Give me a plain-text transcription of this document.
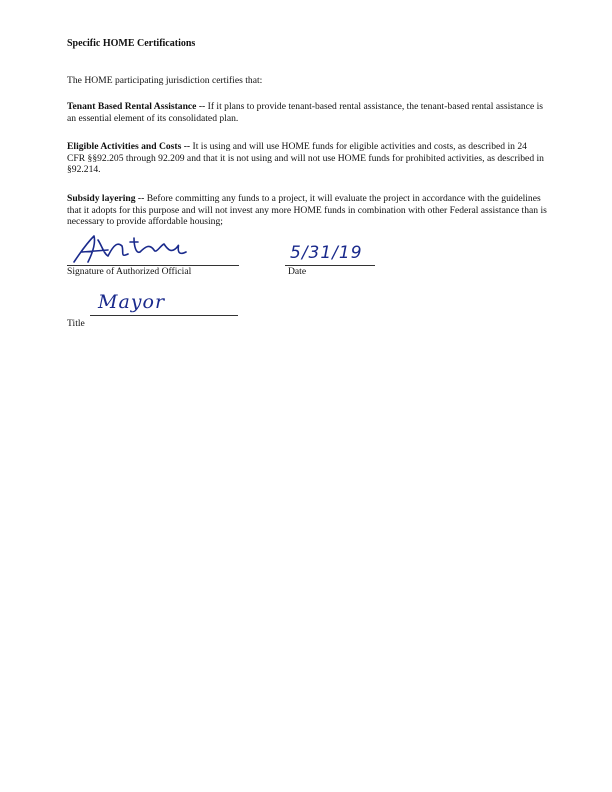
Specific HOME Certifications

The HOME participating jurisdiction certifies that:

Tenant Based Rental Assistance -- If it plans to provide tenant-based rental assistance, the tenant-based rental assistance is an essential element of its consolidated plan.

Eligible Activities and Costs -- It is using and will use HOME funds for eligible activities and costs, as described in 24 CFR §§92.205 through 92.209 and that it is not using and will not use HOME funds for prohibited activities, as described in §92.214.

Subsidy layering -- Before committing any funds to a project, it will evaluate the project in accordance with the guidelines that it adopts for this purpose and will not invest any more HOME funds in combination with other Federal assistance than is necessary to provide affordable housing;

Signature of Authorized Official
5/31/19
Date
Mayor
Title
